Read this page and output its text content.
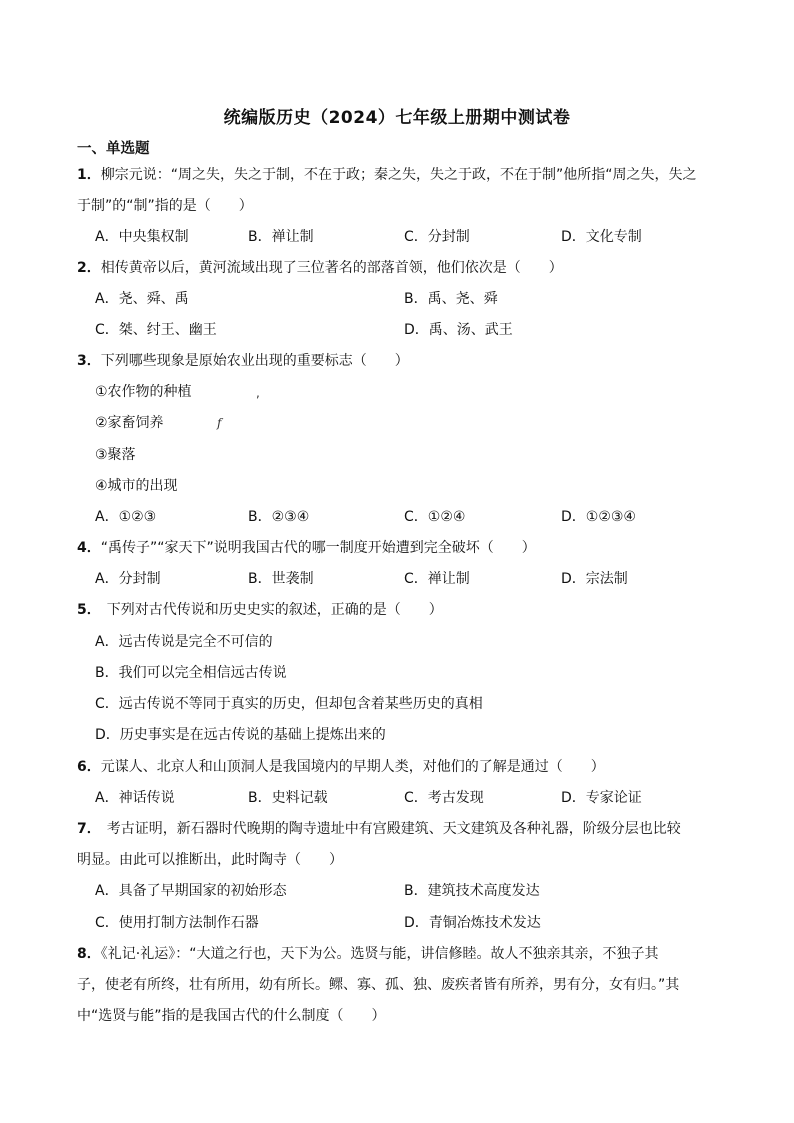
统编版历史（2024）七年级上册期中测试卷
一、单选题
1．柳宗元说：“周之失，失之于制，不在于政；秦之失，失之于政，不在于制”他所指“周之失，失之
于制”的“制”指的是（　　）
A．中央集权制	B．禅让制	C．分封制	D．文化专制
2．相传黄帝以后，黄河流域出现了三位著名的部落首领，他们依次是（　　）
A．尧、舜、禹	B．禹、尧、舜
C．桀、纣王、幽王	D．禹、汤、武王
3．下列哪些现象是原始农业出现的重要标志（　　）
①农作物的种植	,
②家畜饲养	f
③聚落
④城市的出现
A．①②③	B．②③④	C．①②④	D．①②③④
4．“禹传子”“家天下”说明我国古代的哪一制度开始遭到完全破坏（　　）
A．分封制	B．世袭制	C．禅让制	D．宗法制
5． 下列对古代传说和历史史实的叙述，正确的是（　　）
A．远古传说是完全不可信的
B．我们可以完全相信远古传说
C．远古传说不等同于真实的历史，但却包含着某些历史的真相
D．历史事实是在远古传说的基础上提炼出来的
6．元谋人、北京人和山顶洞人是我国境内的早期人类，对他们的了解是通过（　　）
A．神话传说	B．史料记载	C．考古发现	D．专家论证
7． 考古证明，新石器时代晚期的陶寺遗址中有宫殿建筑、天文建筑及各种礼器，阶级分层也比较
明显。由此可以推断出，此时陶寺（　　）
A．具备了早期国家的初始形态	B．建筑技术高度发达
C．使用打制方法制作石器	D．青铜冶炼技术发达
8．《礼记·礼运》：“大道之行也，天下为公。选贤与能，讲信修睦。故人不独亲其亲，不独子其
子，使老有所终，壮有所用，幼有所长。鳏、寡、孤、独、废疾者皆有所养，男有分，女有归。”其
中“选贤与能”指的是我国古代的什么制度（　　）
